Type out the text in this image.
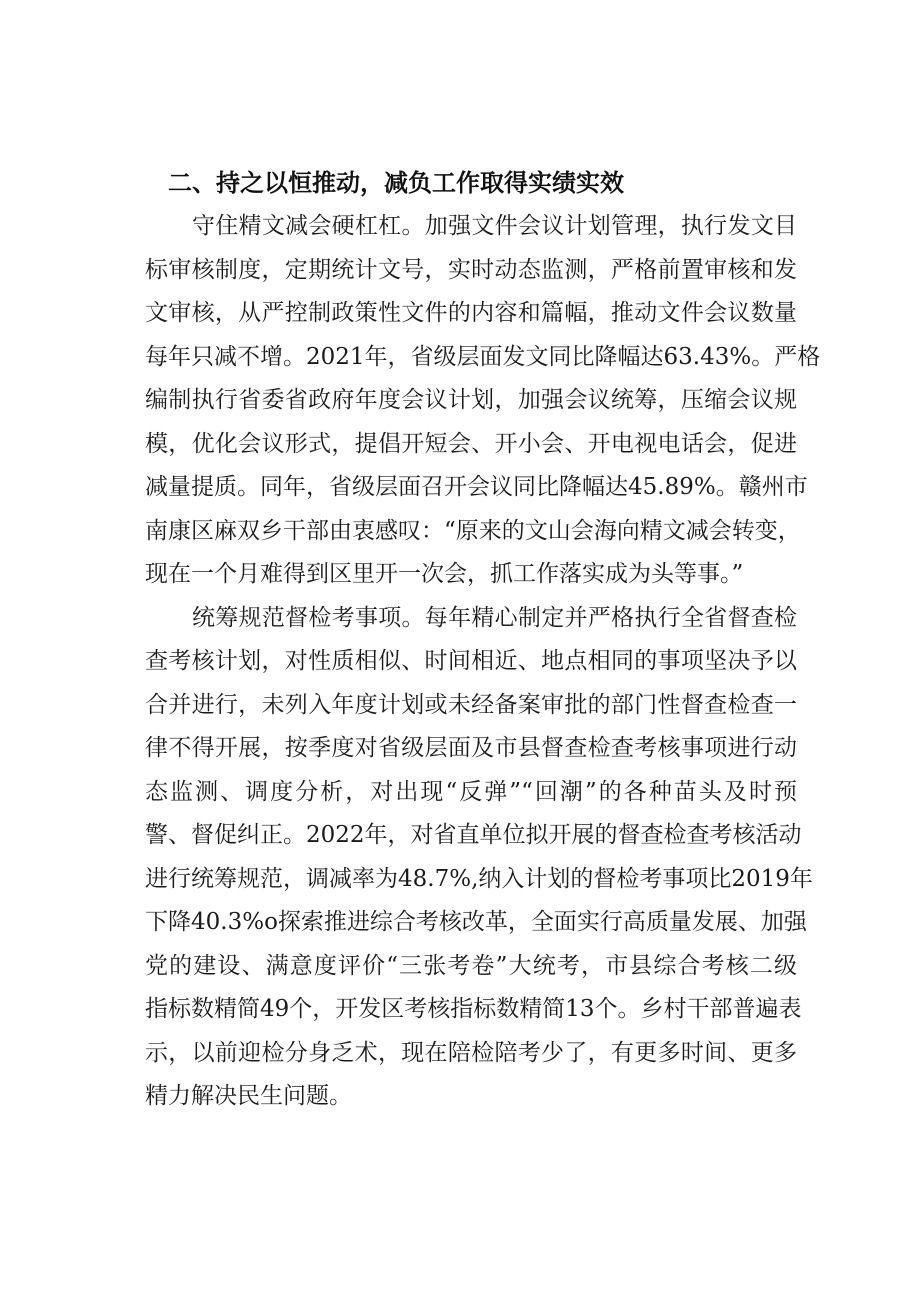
二、持之以恒推动，减负工作取得实绩实效
守住精文减会硬杠杠。加强文件会议计划管理，执行发文目
标审核制度，定期统计文号，实时动态监测，严格前置审核和发
文审核，从严控制政策性文件的内容和篇幅，推动文件会议数量
每年只减不增。2021年，省级层面发文同比降幅达63.43%。严格
编制执行省委省政府年度会议计划，加强会议统筹，压缩会议规
模，优化会议形式，提倡开短会、开小会、开电视电话会，促进
减量提质。同年，省级层面召开会议同比降幅达45.89%。赣州市
南康区麻双乡干部由衷感叹：“原来的文山会海向精文减会转变，
现在一个月难得到区里开一次会，抓工作落实成为头等事。”
统筹规范督检考事项。每年精心制定并严格执行全省督查检
查考核计划，对性质相似、时间相近、地点相同的事项坚决予以
合并进行，未列入年度计划或未经备案审批的部门性督查检查一
律不得开展，按季度对省级层面及市县督查检查考核事项进行动
态监测、调度分析，对出现“反弹”“回潮”的各种苗头及时预
警、督促纠正。2022年，对省直单位拟开展的督查检查考核活动
进行统筹规范，调减率为48.7%,纳入计划的督检考事项比2019年
下降40.3%o探索推进综合考核改革，全面实行高质量发展、加强
党的建设、满意度评价“三张考卷”大统考，市县综合考核二级
指标数精简49个，开发区考核指标数精简13个。乡村干部普遍表
示，以前迎检分身乏术，现在陪检陪考少了，有更多时间、更多
精力解决民生问题。
